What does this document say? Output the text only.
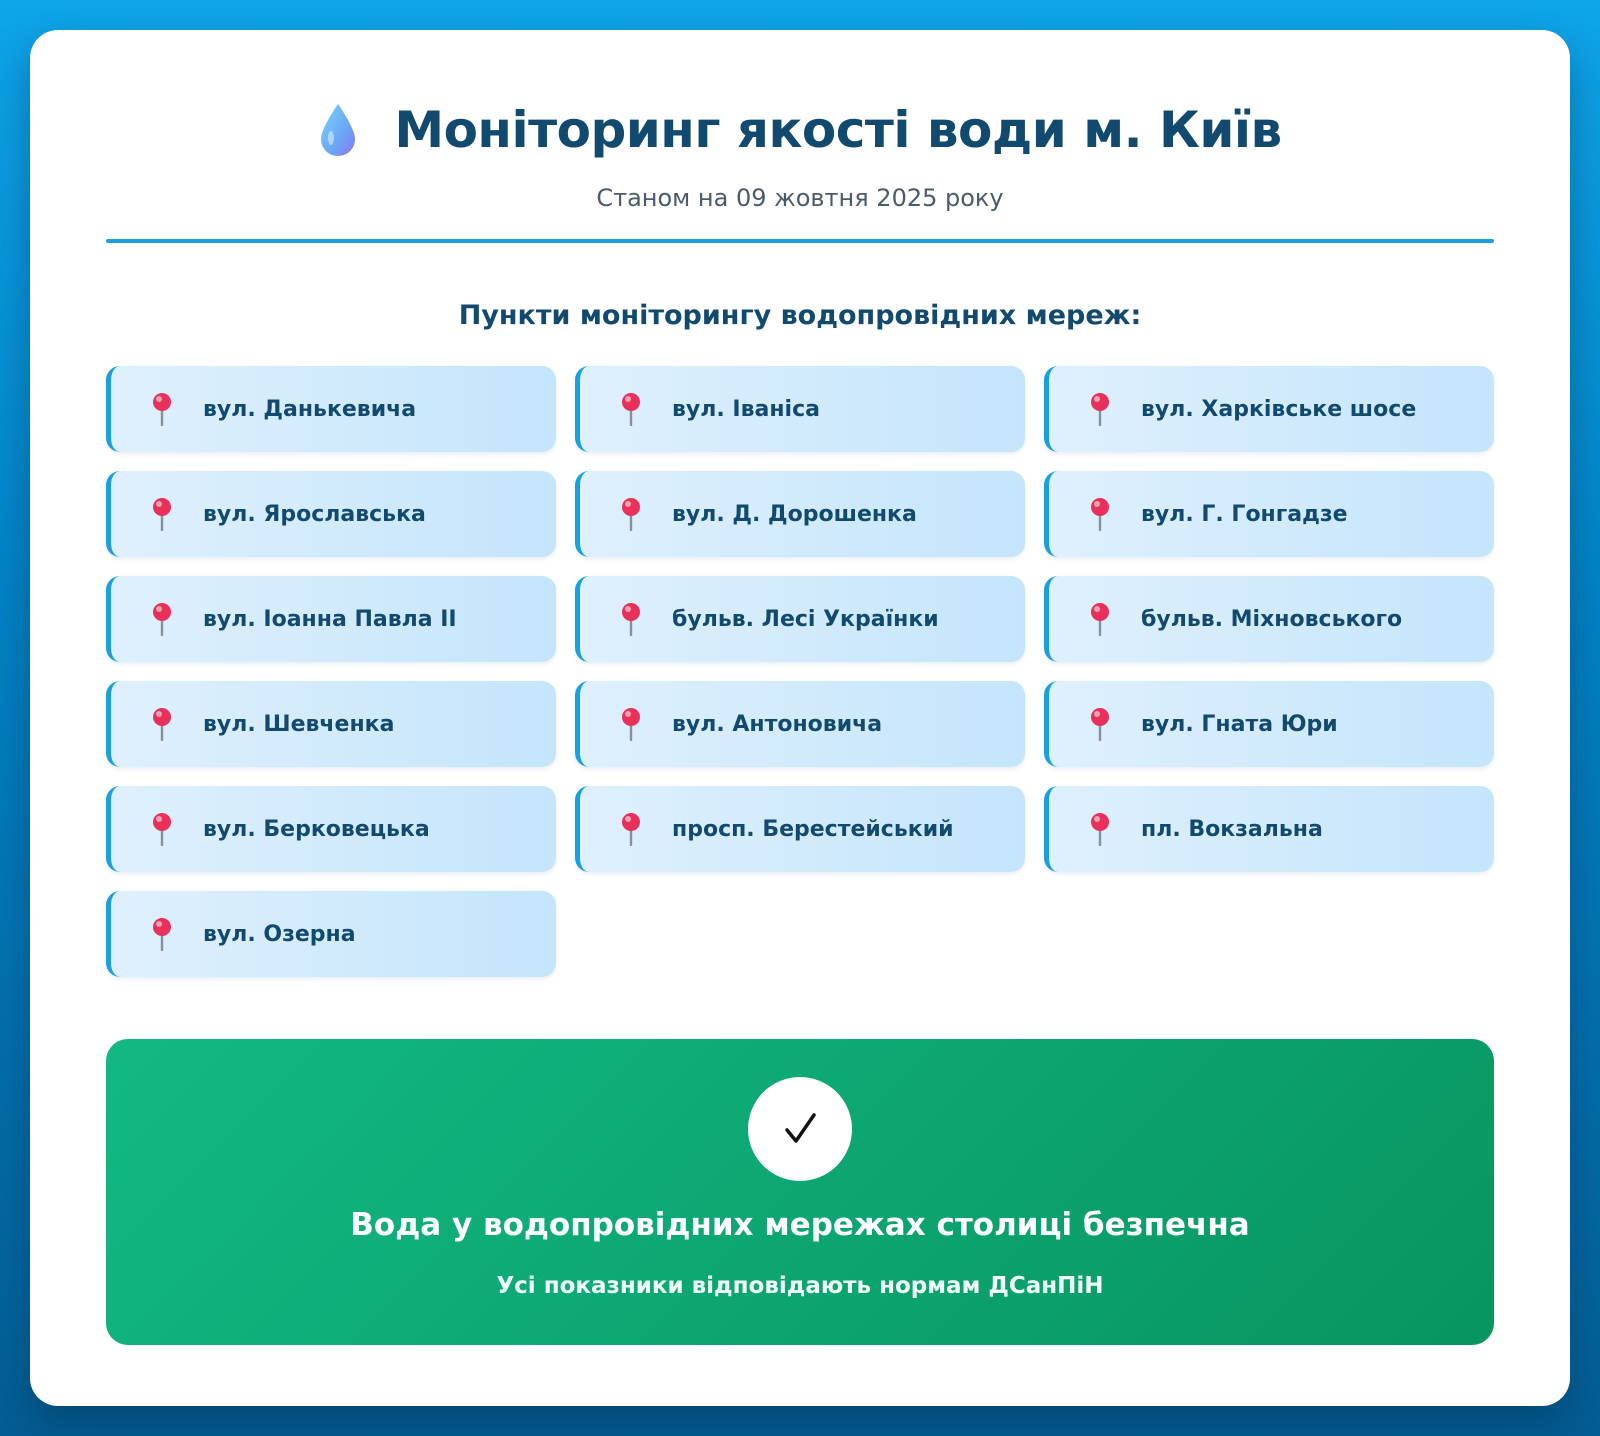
Моніторинг якості води м. Київ
Станом на 09 жовтня 2025 року
Пункти моніторингу водопровідних мереж:
вул. Данькевича	вул. Іваніса	вул. Харківське шосе
вул. Ярославська	вул. Д. Дорошенка	вул. Г. Гонгадзе
вул. Іоанна Павла ІІ	бульв. Лесі Українки	бульв. Міхновського
вул. Шевченка	вул. Антоновича	вул. Гната Юри
вул. Берковецька	просп. Берестейський	пл. Вокзальна
вул. Озерна
Вода у водопровідних мережах столиці безпечна
Усі показники відповідають нормам ДСанПіН
